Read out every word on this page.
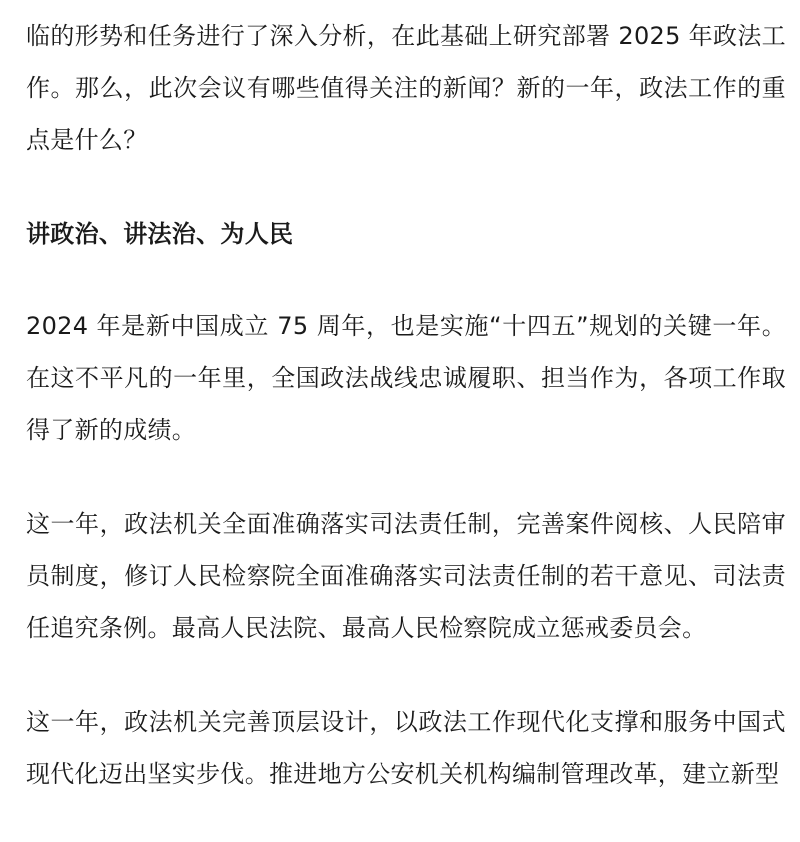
临的形势和任务进行了深入分析，在此基础上研究部署 2025 年政法工作。那么，此次会议有哪些值得关注的新闻？新的一年，政法工作的重点是什么？

讲政治、讲法治、为人民

2024 年是新中国成立 75 周年，也是实施“十四五”规划的关键一年。在这不平凡的一年里，全国政法战线忠诚履职、担当作为，各项工作取得了新的成绩。

这一年，政法机关全面准确落实司法责任制，完善案件阅核、人民陪审员制度，修订人民检察院全面准确落实司法责任制的若干意见、司法责任追究条例。最高人民法院、最高人民检察院成立惩戒委员会。

这一年，政法机关完善顶层设计，以政法工作现代化支撑和服务中国式现代化迈出坚实步伐。推进地方公安机关机构编制管理改革，建立新型
